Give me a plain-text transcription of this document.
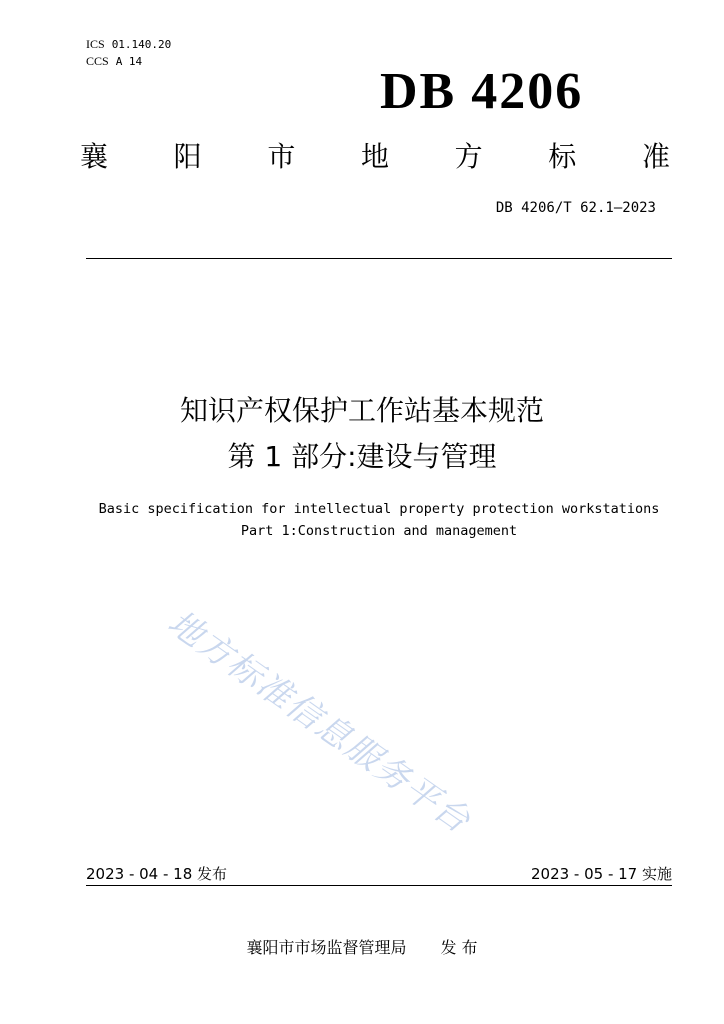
ICS 01.140.20
CCS A 14
DB 4206
襄 阳 市 地 方 标 准
DB 4206/T 62.1—2023
知识产权保护工作站基本规范
第 1 部分:建设与管理
Basic specification for intellectual property protection workstations
Part 1:Construction and management
地方标准信息服务平台
2023 - 04 - 18 发布	2023 - 05 - 17 实施
襄阳市市场监督管理局 发 布
